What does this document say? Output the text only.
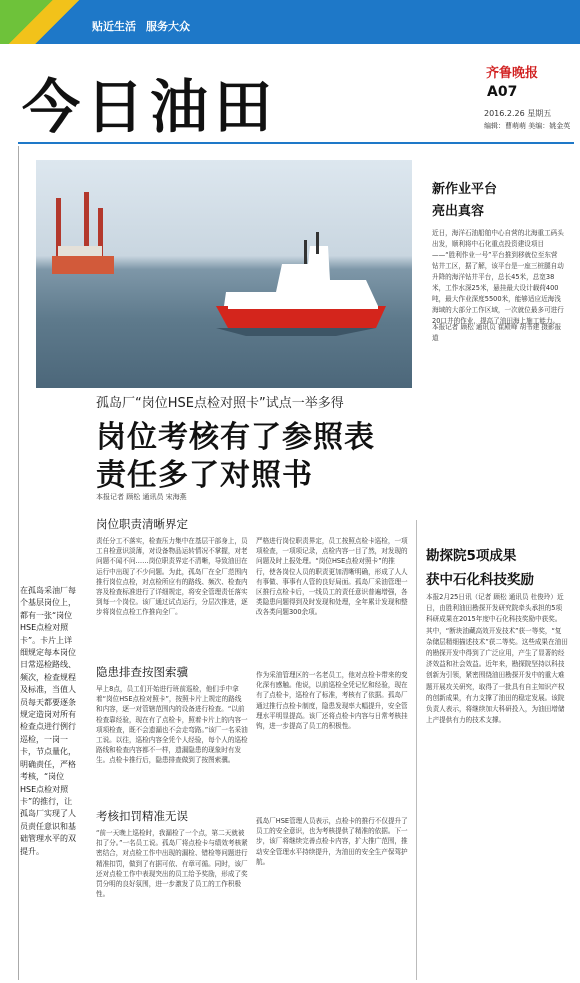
贴近生活 服务大众
今日油田	齐鲁晚报
A07
2016.2.26 星期五
编辑：曹萌萌 美编：姚金英
新作业平台
亮出真容
近日，海洋石油船舶中心自营的北海重工码头出发，顺利将中石化重点投资建设项目——“胜利作业一号”平台推到移就位至东营钻井工区，据了解，该平台是一座三桩腿自动升降的海洋钻井平台，总长45米，总宽38米，工作水深25米，悬挂最大设计载荷400吨，最大作业深度5500米，能够适应近海浅海域的大部分工作区域，一次就位最多可进行20口井的作业，提高了油田海上施工能力。
本报记者 顾松 通讯员 崔殿峰 胡书建 摄影报道
孤岛厂“岗位HSE点检对照卡”试点一举多得
岗位考核有了参照表
责任多了对照书
本报记者 顾松 通讯员 宋海燕
在孤岛采油厂每个基层岗位上，都有一张“岗位HSE点检对照卡”。卡片上详细规定每本岗位日常巡检路线、频次，检查规程及标准，当值人员每天都要逐条规定造岗对所有检查点进行例行巡检，一岗一卡，节点量化，明确责任，严格考核，“岗位HSE点检对照卡”的推行，让孤岛厂实现了人员责任意识和基础管理水平的双提升。
岗位职责清晰界定
责任分工不落实，检查压力集中在基层干部身上，员工自检意识淡薄，对设备物品运转情况不掌握，对老问题不闻不问……岗位职责界定不清晰，导致油田在运行中出现了不少问题。为此，孤岛厂在全厂范围内推行岗位点检，对点检所应有的路线、频次、检查内容及检查标准进行了详细规定，将安全管理责任落实到每一个岗位。该厂通过试点运行，分层次推进，逐步将岗位点检工作推向全厂。
严格进行岗位职责界定，员工按照点检卡巡检，一项项检查，一项项记录，点检内容一目了然，对发现的问题及时上报处理。“岗位HSE点检对照卡”的推行，使各岗位人员的职责更加清晰明确，形成了人人有事做、事事有人管的良好局面。孤岛厂采油管理一区推行点检卡后，一线员工的责任意识普遍增强，各类隐患问题得到及时发现和处理，全年累计发现和整改各类问题300余项。
隐患排查按图索骥
早上8点，员工们开始进行班前巡检，他们手中拿着“岗位HSE点检对照卡”，按照卡片上规定的路线和内容，逐一对管辖范围内的设备进行检查。“以前检查靠经验，现在有了点检卡，照着卡片上的内容一项项检查，既不会遗漏也不会走弯路。”该厂一名采油工说。以往，巡检内容全凭个人经验，每个人的巡检路线和检查内容都不一样，遗漏隐患的现象时有发生。点检卡推行后，隐患排查做到了按图索骥。
作为采油管理区的一名老员工，他对点检卡带来的变化深有感触。他说，以前巡检全凭记忆和经验，现在有了点检卡，巡检有了标准，考核有了依据。孤岛厂通过推行点检卡制度，隐患发现率大幅提升，安全管理水平明显提高。该厂还将点检卡内容与日常考核挂钩，进一步提高了员工的积极性。
考核扣罚精准无误
“前一天晚上巡检时，我漏检了一个点，第二天就被扣了分。”一名员工说。孤岛厂将点检卡与绩效考核紧密结合，对点检工作中出现的漏检、错检等问题进行精准扣罚，做到了有据可依、有章可循。同时，该厂还对点检工作中表现突出的员工给予奖励，形成了奖罚分明的良好氛围，进一步激发了员工的工作积极性。
孤岛厂HSE管理人员表示，点检卡的推行不仅提升了员工的安全意识，也为考核提供了精准的依据。下一步，该厂将继续完善点检卡内容，扩大推广范围，推动安全管理水平持续提升，为油田的安全生产保驾护航。
勘探院5项成果
获中石化科技奖励
本报2月25日讯（记者 顾松 通讯员 杜俊玲）近日，由胜利油田勘探开发研究院牵头承担的5项科研成果在2015年度中石化科技奖励中获奖。其中，“断块油藏高效开发技术”获一等奖，“复杂储层精细描述技术”获二等奖。这些成果在油田的勘探开发中得到了广泛应用，产生了显著的经济效益和社会效益。近年来，勘探院坚持以科技创新为引领，紧密围绕油田勘探开发中的重大难题开展攻关研究，取得了一批具有自主知识产权的创新成果，有力支撑了油田的稳定发展。该院负责人表示，将继续加大科研投入，为油田增储上产提供有力的技术支撑。
